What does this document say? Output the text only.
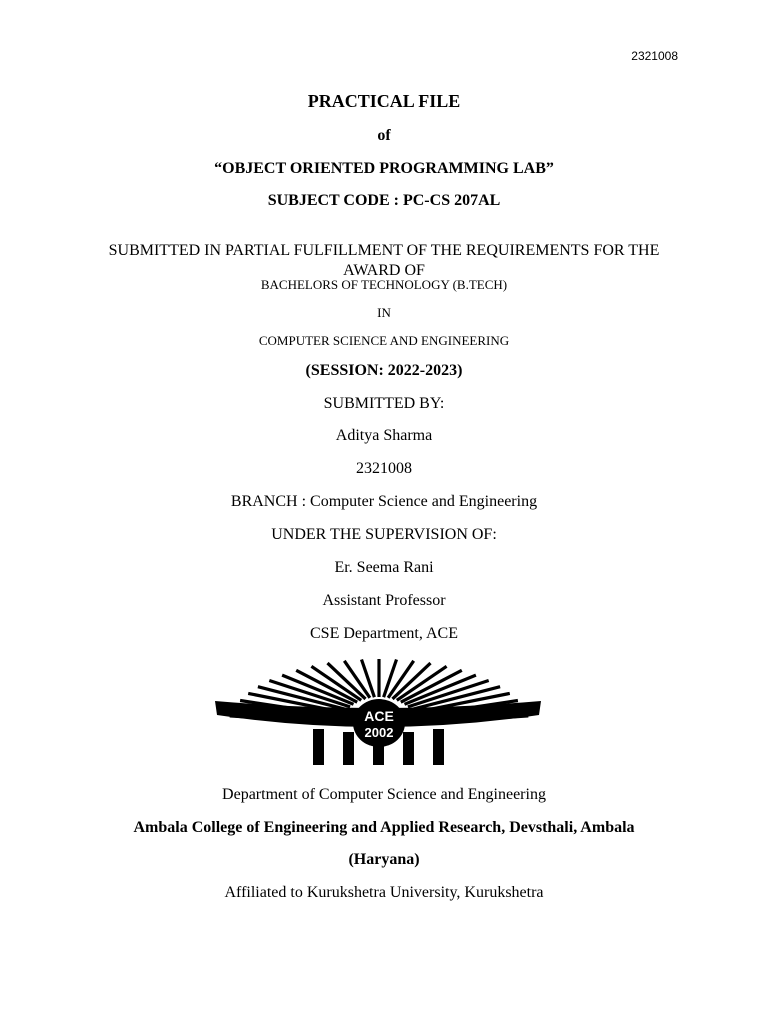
2321008

PRACTICAL FILE

of

“OBJECT ORIENTED PROGRAMMING LAB”

SUBJECT CODE : PC-CS 207AL

SUBMITTED IN PARTIAL FULFILLMENT OF THE REQUIREMENTS FOR THE AWARD OF

BACHELORS OF TECHNOLOGY (B.TECH)

IN

COMPUTER SCIENCE AND ENGINEERING

(SESSION: 2022-2023)

SUBMITTED BY:

Aditya Sharma

2321008

BRANCH : Computer Science and Engineering

UNDER THE SUPERVISION OF:

Er. Seema Rani

Assistant Professor

CSE Department, ACE

ACE
2002

Department of Computer Science and Engineering

Ambala College of Engineering and Applied Research, Devsthali, Ambala

(Haryana)

Affiliated to Kurukshetra University, Kurukshetra
